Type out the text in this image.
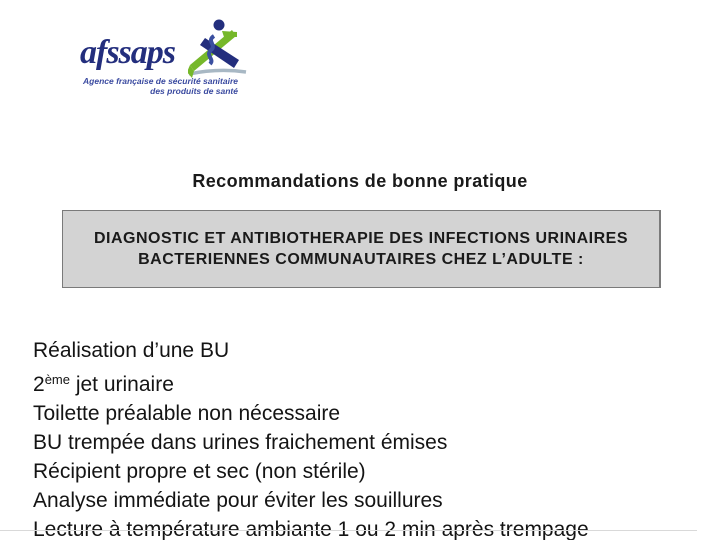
afssaps
Agence française de sécurité sanitaire
des produits de santé
Recommandations de bonne pratique
DIAGNOSTIC ET ANTIBIOTHERAPIE DES INFECTIONS URINAIRES BACTERIENNES COMMUNAUTAIRES CHEZ L’ADULTE :
Réalisation d’une BU
2ème jet urinaire
Toilette préalable non nécessaire
BU trempée dans urines fraichement émises
Récipient propre et sec (non stérile)
Analyse immédiate pour éviter les souillures
Lecture à température ambiante 1 ou 2 min après trempage
